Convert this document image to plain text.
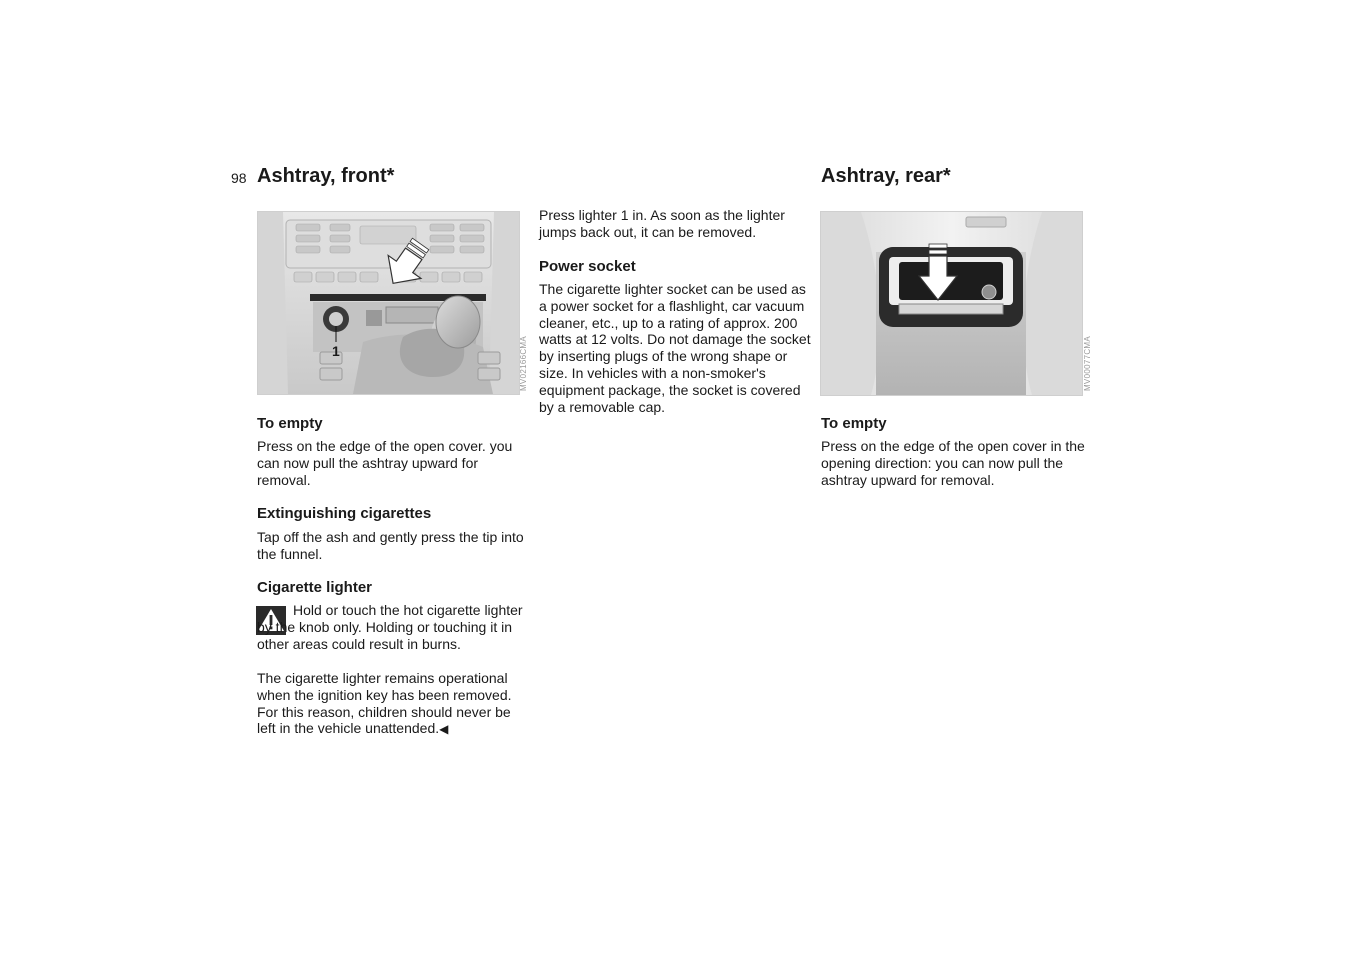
98 Ashtray, front*
1	MV02166CMA
To empty

Press on the edge of the open cover. you can now pull the ashtray upward for removal.

Extinguishing cigarettes

Tap off the ash and gently press the tip into the funnel.

Cigarette lighter

Hold or touch the hot cigarette lighter by the knob only. Holding or touching it in other areas could result in burns.

The cigarette lighter remains operational when the ignition key has been removed. For this reason, children should never be left in the vehicle unattended.◀

Press lighter 1 in. As soon as the lighter jumps back out, it can be removed.

Power socket

The cigarette lighter socket can be used as a power socket for a flashlight, car vacuum cleaner, etc., up to a rating of approx. 200 watts at 12 volts. Do not damage the socket by inserting plugs of the wrong shape or size. In vehicles with a non-smoker's equipment package, the socket is covered by a removable cap.

Ashtray, rear*
MV00077CMA
To empty

Press on the edge of the open cover in the opening direction: you can now pull the ashtray upward for removal.
